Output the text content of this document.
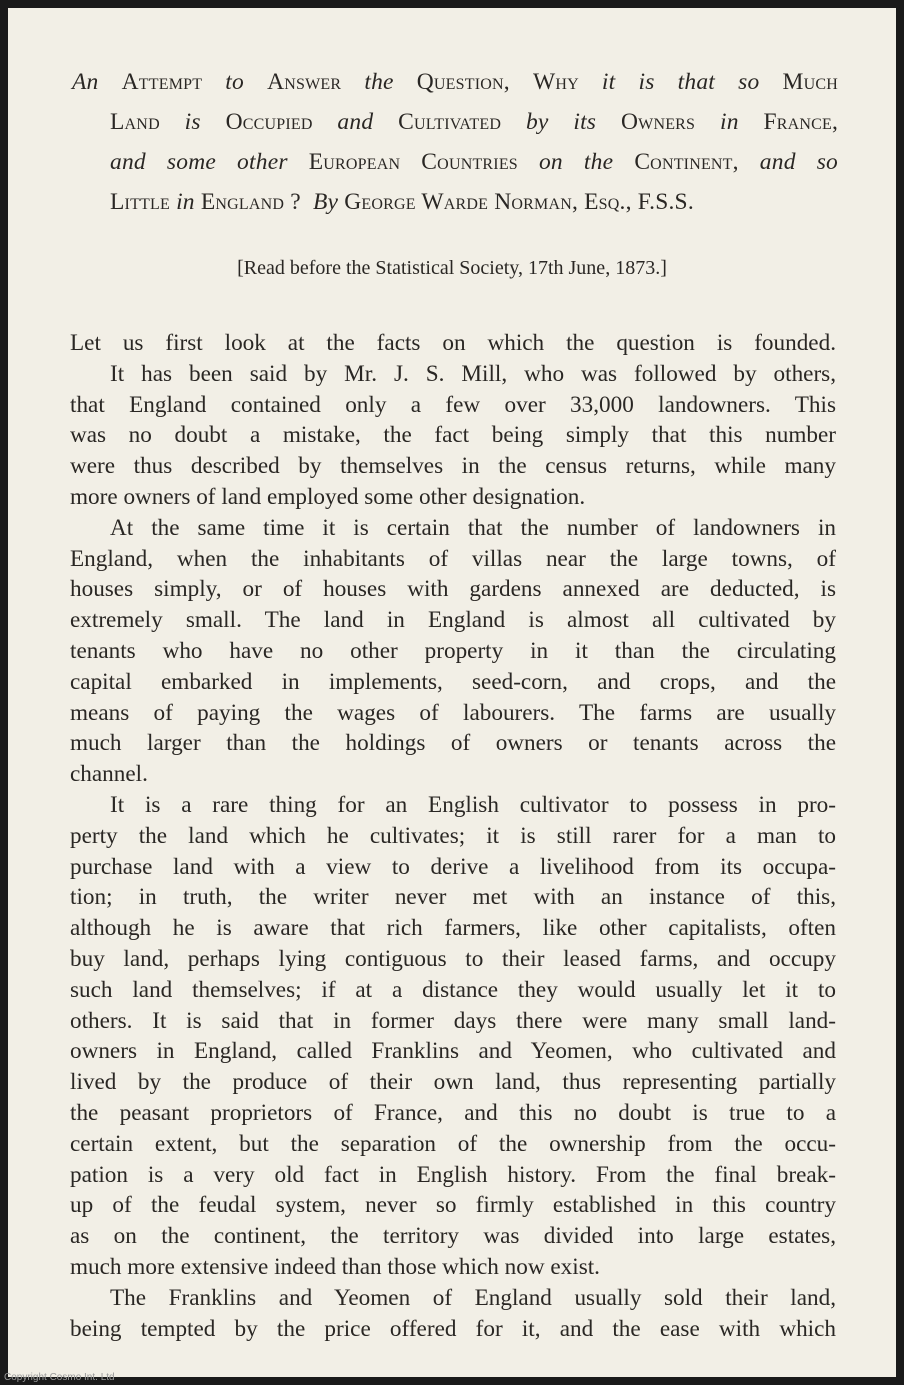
An Attempt to Answer the Question, Why it is that so Much
Land is Occupied and Cultivated by its Owners in France,
and some other European Countries on the Continent, and so
Little in England ? By George Warde Norman, Esq., F.S.S.
[Read before the Statistical Society, 17th June, 1873.]
Let us first look at the facts on which the question is founded.
It has been said by Mr. J. S. Mill, who was followed by others,
that England contained only a few over 33,000 landowners. This
was no doubt a mistake, the fact being simply that this number
were thus described by themselves in the census returns, while many
more owners of land employed some other designation.
At the same time it is certain that the number of landowners in
England, when the inhabitants of villas near the large towns, of
houses simply, or of houses with gardens annexed are deducted, is
extremely small. The land in England is almost all cultivated by
tenants who have no other property in it than the circulating
capital embarked in implements, seed-corn, and crops, and the
means of paying the wages of labourers. The farms are usually
much larger than the holdings of owners or tenants across the
channel.
It is a rare thing for an English cultivator to possess in pro-
perty the land which he cultivates; it is still rarer for a man to
purchase land with a view to derive a livelihood from its occupa-
tion; in truth, the writer never met with an instance of this,
although he is aware that rich farmers, like other capitalists, often
buy land, perhaps lying contiguous to their leased farms, and occupy
such land themselves; if at a distance they would usually let it to
others. It is said that in former days there were many small land-
owners in England, called Franklins and Yeomen, who cultivated and
lived by the produce of their own land, thus representing partially
the peasant proprietors of France, and this no doubt is true to a
certain extent, but the separation of the ownership from the occu-
pation is a very old fact in English history. From the final break-
up of the feudal system, never so firmly established in this country
as on the continent, the territory was divided into large estates,
much more extensive indeed than those which now exist.
The Franklins and Yeomen of England usually sold their land,
being tempted by the price offered for it, and the ease with which
Copyright Cosmo Int. Ltd
